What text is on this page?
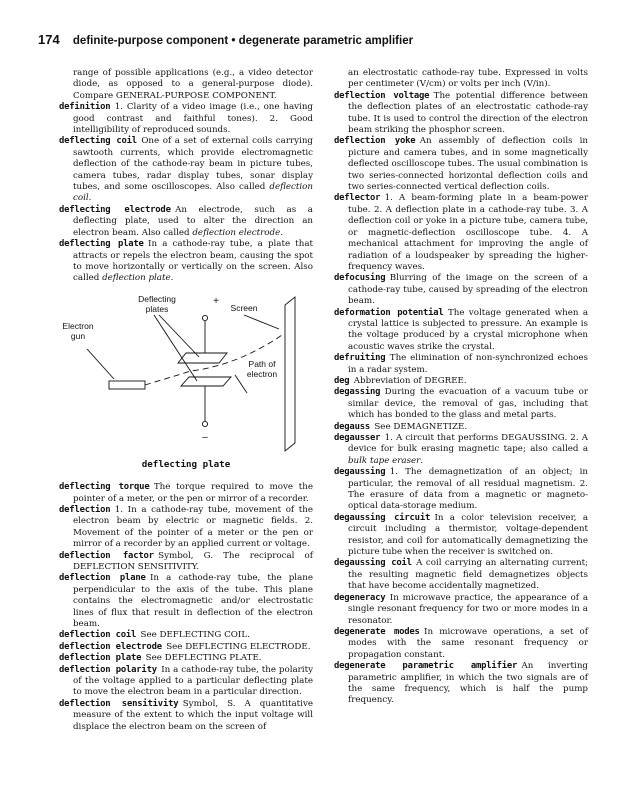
174 definite-purpose component • degenerate parametric amplifier

range of possible applications (e.g., a video detector diode, as opposed to a general-purpose diode). Compare GENERAL-PURPOSE COMPONENT.

definition  1. Clarity of a video image (i.e., one having good contrast and faithful tones). 2. Good intelligibility of reproduced sounds.

deflecting coil  One of a set of external coils carrying sawtooth currents, which provide electromagnetic deflection of the cathode-ray beam in picture tubes, camera tubes, radar display tubes, sonar display tubes, and some oscilloscopes. Also called deflection coil.

deflecting electrode  An electrode, such as a deflecting plate, used to alter the direction an electron beam. Also called deflection electrode.

deflecting plate  In a cathode-ray tube, a plate that attracts or repels the electron beam, causing the spot to move horizontally or vertically on the screen. Also called deflection plate.

Deflecting plates	Screen
Electron gun
Path of electron
+
–

deflecting plate

deflecting torque  The torque required to move the pointer of a meter, or the pen or mirror of a recorder.

deflection  1. In a cathode-ray tube, movement of the electron beam by electric or magnetic fields. 2. Movement of the pointer of a meter or the pen or mirror of a recorder by an applied current or voltage.

deflection factor  Symbol, G. The reciprocal of DEFLECTION SENSITIVITY.

deflection plane  In a cathode-ray tube, the plane perpendicular to the axis of the tube. This plane contains the electromagnetic and/or electrostatic lines of flux that result in deflection of the electron beam.

deflection coil  See DEFLECTING COIL.

deflection electrode  See DEFLECTING ELECTRODE.

deflection plate  See DEFLECTING PLATE.

deflection polarity  In a cathode-ray tube, the polarity of the voltage applied to a particular deflecting plate to move the electron beam in a particular direction.

deflection sensitivity  Symbol, S. A quantitative measure of the extent to which the input voltage will displace the electron beam on the screen of

an electrostatic cathode-ray tube. Expressed in volts per centimeter (V/cm) or volts per inch (V/in).

deflection voltage  The potential difference between the deflection plates of an electrostatic cathode-ray tube. It is used to control the direction of the electron beam striking the phosphor screen.

deflection yoke  An assembly of deflection coils in picture and camera tubes, and in some magnetically deflected oscilloscope tubes. The usual combination is two series-connected horizontal deflection coils and two series-connected vertical deflection coils.

deflector  1. A beam-forming plate in a beam-power tube. 2. A deflection plate in a cathode-ray tube. 3. A deflection coil or yoke in a picture tube, camera tube, or magnetic-deflection oscilloscope tube. 4. A mechanical attachment for improving the angle of radiation of a loudspeaker by spreading the higher-frequency waves.

defocusing  Blurring of the image on the screen of a cathode-ray tube, caused by spreading of the electron beam.

deformation potential  The voltage generated when a crystal lattice is subjected to pressure. An example is the voltage produced by a crystal microphone when acoustic waves strike the crystal.

defruiting  The elimination of non-synchronized echoes in a radar system.

deg  Abbreviation of DEGREE.

degassing  During the evacuation of a vacuum tube or similar device, the removal of gas, including that which has bonded to the glass and metal parts.

degauss  See DEMAGNETIZE.

degausser  1. A circuit that performs DEGAUSSING. 2. A device for bulk erasing magnetic tape; also called a bulk tape eraser.

degaussing  1. The demagnetization of an object; in particular, the removal of all residual magnetism. 2. The erasure of data from a magnetic or magneto-optical data-storage medium.

degaussing circuit  In a color television receiver, a circuit including a thermistor, voltage-dependent resistor, and coil for automatically demagnetizing the picture tube when the receiver is switched on.

degaussing coil  A coil carrying an alternating current; the resulting magnetic field demagnetizes objects that have become accidentally magnetized.

degeneracy  In microwave practice, the appearance of a single resonant frequency for two or more modes in a resonator.

degenerate modes  In microwave operations, a set of modes with the same resonant frequency or propagation constant.

degenerate parametric amplifier  An inverting parametric amplifier, in which the two signals are of the same frequency, which is half the pump frequency.
